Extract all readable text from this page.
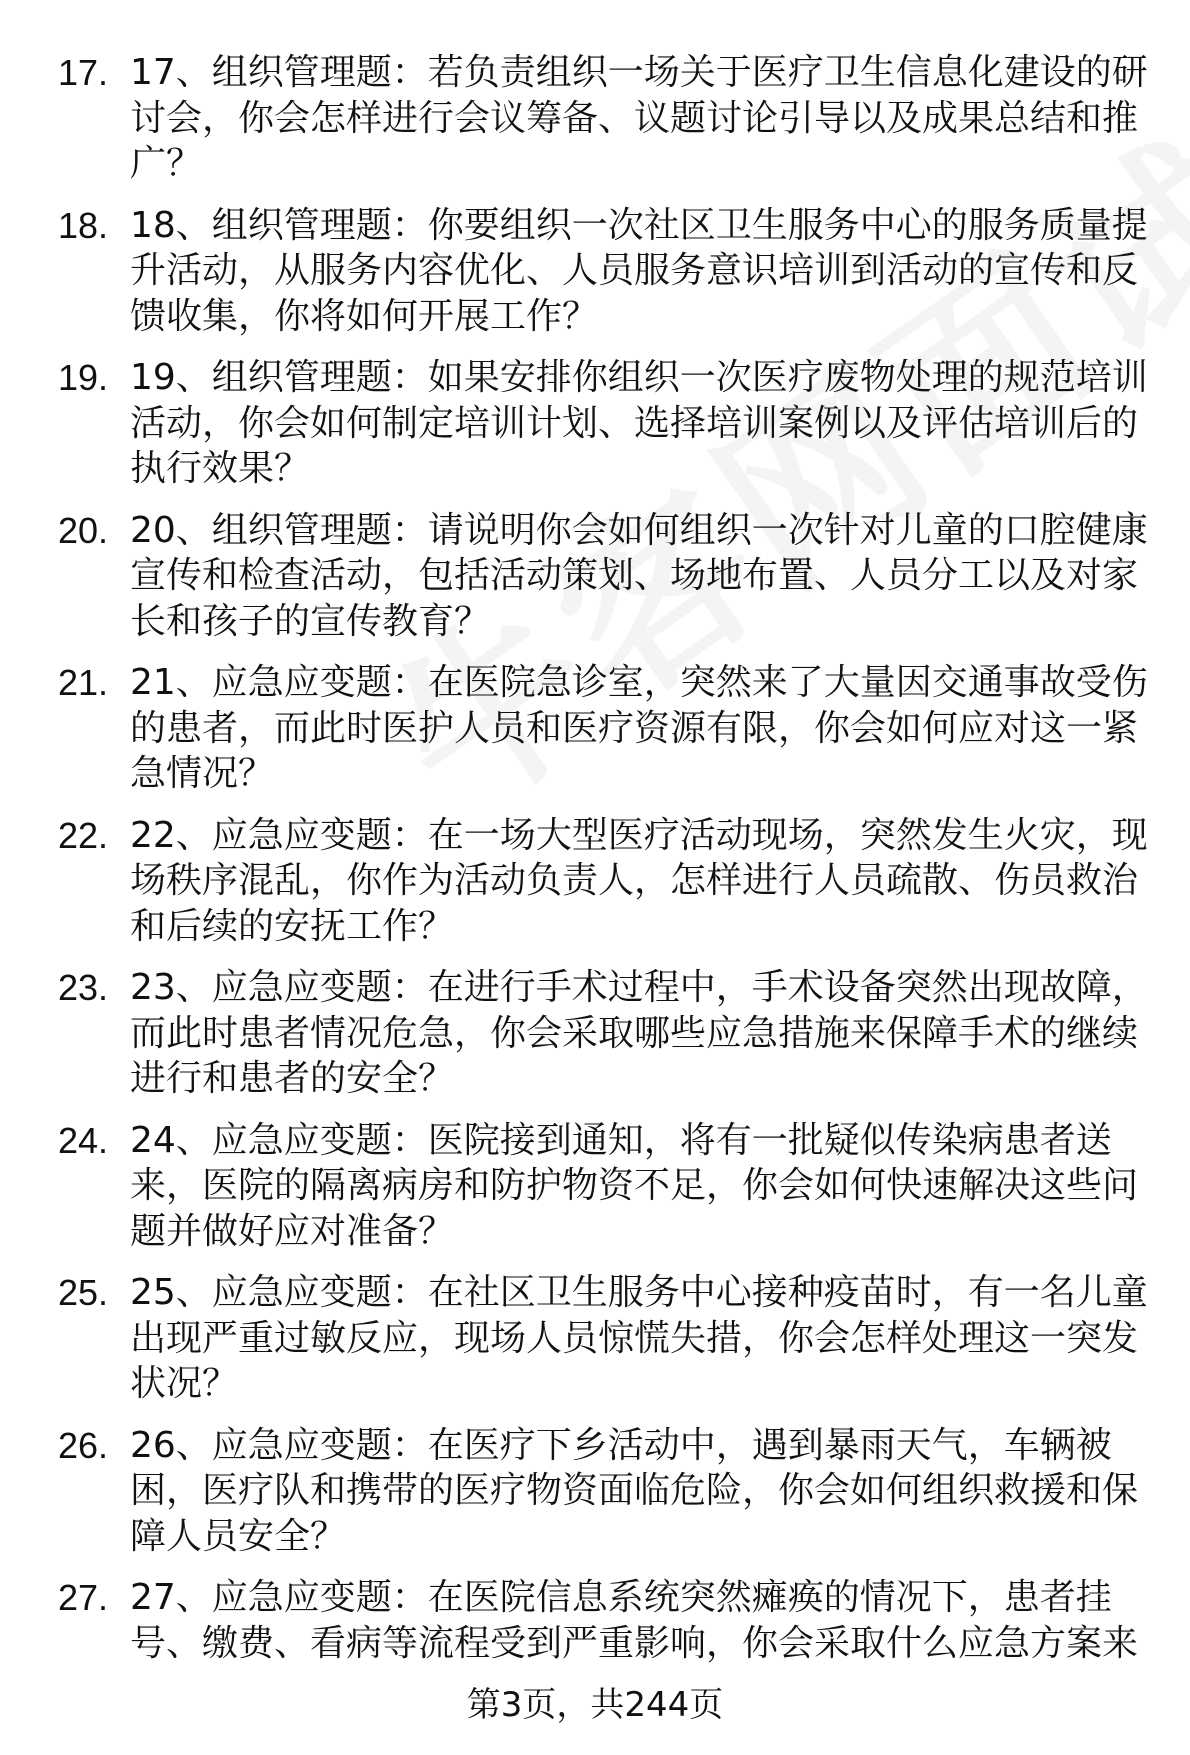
17. 17、组织管理题：若负责组织一场关于医疗卫生信息化建设的研讨会，你会怎样进行会议筹备、议题讨论引导以及成果总结和推广？
18. 18、组织管理题：你要组织一次社区卫生服务中心的服务质量提升活动，从服务内容优化、人员服务意识培训到活动的宣传和反馈收集，你将如何开展工作？
19. 19、组织管理题：如果安排你组织一次医疗废物处理的规范培训活动，你会如何制定培训计划、选择培训案例以及评估培训后的执行效果？
20. 20、组织管理题：请说明你会如何组织一次针对儿童的口腔健康宣传和检查活动，包括活动策划、场地布置、人员分工以及对家长和孩子的宣传教育？
21. 21、应急应变题：在医院急诊室，突然来了大量因交通事故受伤的患者，而此时医护人员和医疗资源有限，你会如何应对这一紧急情况？
22. 22、应急应变题：在一场大型医疗活动现场，突然发生火灾，现场秩序混乱，你作为活动负责人，怎样进行人员疏散、伤员救治和后续的安抚工作？
23. 23、应急应变题：在进行手术过程中，手术设备突然出现故障，而此时患者情况危急，你会采取哪些应急措施来保障手术的继续进行和患者的安全？
24. 24、应急应变题：医院接到通知，将有一批疑似传染病患者送来，医院的隔离病房和防护物资不足，你会如何快速解决这些问题并做好应对准备？
25. 25、应急应变题：在社区卫生服务中心接种疫苗时，有一名儿童出现严重过敏反应，现场人员惊慌失措，你会怎样处理这一突发状况？
26. 26、应急应变题：在医疗下乡活动中，遇到暴雨天气，车辆被困，医疗队和携带的医疗物资面临危险，你会如何组织救援和保障人员安全？
27. 27、应急应变题：在医院信息系统突然瘫痪的情况下，患者挂号、缴费、看病等流程受到严重影响，你会采取什么应急方案来
第3页，共244页
